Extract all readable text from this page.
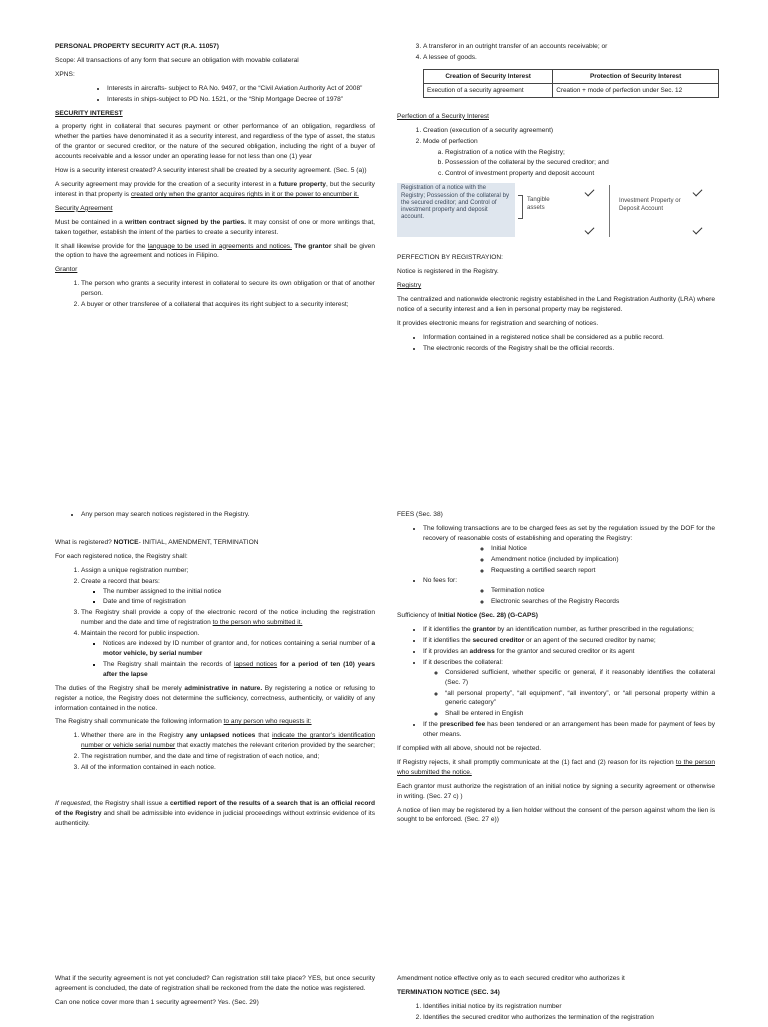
PERSONAL PROPERTY SECURITY ACT (R.A. 11057)

Scope: All transactions of any form that secure an obligation with movable collateral

XPNS:

• Interests in aircrafts- subject to RA No. 9497, or the “Civil Aviation Authority Act of 2008”
• Interests in ships-subject to PD No. 1521, or the “Ship Mortgage Decree of 1978”

SECURITY INTEREST

a property right in collateral that secures payment or other performance of an obligation, regardless of whether the parties have denominated it as a security interest, and regardless of the type of asset, the status of the grantor or secured creditor, or the nature of the secured obligation, including the right of a buyer of accounts receivable and a lessor under an operating lease for not less than one (1) year

How is a security interest created? A security interest shall be created by a security agreement. (Sec. 5 (a))

A security agreement may provide for the creation of a security interest in a future property, but the security interest in that property is created only when the grantor acquires rights in it or the power to encumber it.

Security Agreement

Must be contained in a written contract signed by the parties. It may consist of one or more writings that, taken together, establish the intent of the parties to create a security interest.

It shall likewise provide for the language to be used in agreements and notices. The grantor shall be given the option to have the agreement and notices in Filipino.

Grantor

1. The person who grants a security interest in collateral to secure its own obligation or that of another person.
2. A buyer or other transferee of a collateral that acquires its right subject to a security interest;
3. A transferor in an outright transfer of an accounts receivable; or
4. A lessee of goods.
Creation of Security Interest	Protection of Security Interest
Execution of a security agreement	Creation + mode of perfection under Sec. 12

Perfection of a Security Interest

1. Creation (execution of a security agreement)
2. Mode of perfection
a. Registration of a notice with the Registry;
b. Possession of the collateral by the secured creditor; and
c. Control of investment property and deposit account
Registration of a notice with the Registry; Possession of the collateral by the secured creditor; and Control of investment property and deposit account.
Tangible assets
Investment Property or Deposit Account

PERFECTION BY REGISTRAYION:

Notice is registered in the Registry.

Registry

The centralized and nationwide electronic registry established in the Land Registration Authority (LRA) where notice of a security interest and a lien in personal property may be registered.

It provides electronic means for registration and searching of notices.

• Information contained in a registered notice shall be considered as a public record.
• The electronic records of the Registry shall be the official records.
• Any person may search notices registered in the Registry.

What is registered? NOTICE- INITIAL, AMENDMENT, TERMINATION

For each registered notice, the Registry shall:

1. Assign a unique registration number;
2. Create a record that bears:
▪ The number assigned to the initial notice
▪ Date and time of registration
3. The Registry shall provide a copy of the electronic record of the notice including the registration number and the date and time of registration to the person who submitted it.
4. Maintain the record for public inspection.
▪ Notices are indexed by ID number of grantor and, for notices containing a serial number of a motor vehicle, by serial number
▪ The Registry shall maintain the records of lapsed notices for a period of ten (10) years after the lapse

The duties of the Registry shall be merely administrative in nature. By registering a notice or refusing to register a notice, the Registry does not determine the sufficiency, correctness, authenticity, or validity of any information contained in the notice.

The Registry shall communicate the following information to any person who requests it:

1. Whether there are in the Registry any unlapsed notices that indicate the grantor’s identification number or vehicle serial number that exactly matches the relevant criterion provided by the searcher;
2. The registration number, and the date and time of registration of each notice, and;
3. All of the information contained in each notice.

If requested, the Registry shall issue a certified report of the results of a search that is an official record of the Registry and shall be admissible into evidence in judicial proceedings without extrinsic evidence of its authenticity.

FEES (Sec. 38)

• The following transactions are to be charged fees as set by the regulation issued by the DOF for the recovery of reasonable costs of establishing and operating the Registry:
◦ Initial Notice
◦ Amendment notice (included by implication)
◦ Requesting a certified search report
• No fees for:
◦ Termination notice
◦ Electronic searches of the Registry Records

Sufficiency of Initial Notice (Sec. 28) (G-CAPS)

• If it identifies the grantor by an identification number, as further prescribed in the regulations;
• If it identifies the secured creditor or an agent of the secured creditor by name;
• If it provides an address for the grantor and secured creditor or its agent
• If it describes the collateral:
◦ Considered sufficient, whether specific or general, if it reasonably identifies the collateral (Sec. 7)
◦ “all personal property”, “all equipment”, “all inventory”, or “all personal property within a generic category”
◦ Shall be entered in English
• If the prescribed fee has been tendered or an arrangement has been made for payment of fees by other means.

If complied with all above, should not be rejected.

If Registry rejects, it shall promptly communicate at the (1) fact and (2) reason for its rejection to the person who submitted the notice.

Each grantor must authorize the registration of an initial notice by signing a security agreement or otherwise in writing. (Sec. 27 c) )

A notice of lien may be registered by a lien holder without the consent of the person against whom the lien is sought to be enforced. (Sec. 27 e))

What if the security agreement is not yet concluded? Can registration still take place? YES, but once security agreement is concluded, the date of registration shall be reckoned from the date the notice was registered.

Can one notice cover more than 1 security agreement? Yes. (Sec. 29)

Amendment notice effective only as to each secured creditor who authorizes it

TERMINATION NOTICE (SEC. 34)

1. Identifies initial notice by its registration number
2. Identifies the secured creditor who authorizes the termination of the registration
